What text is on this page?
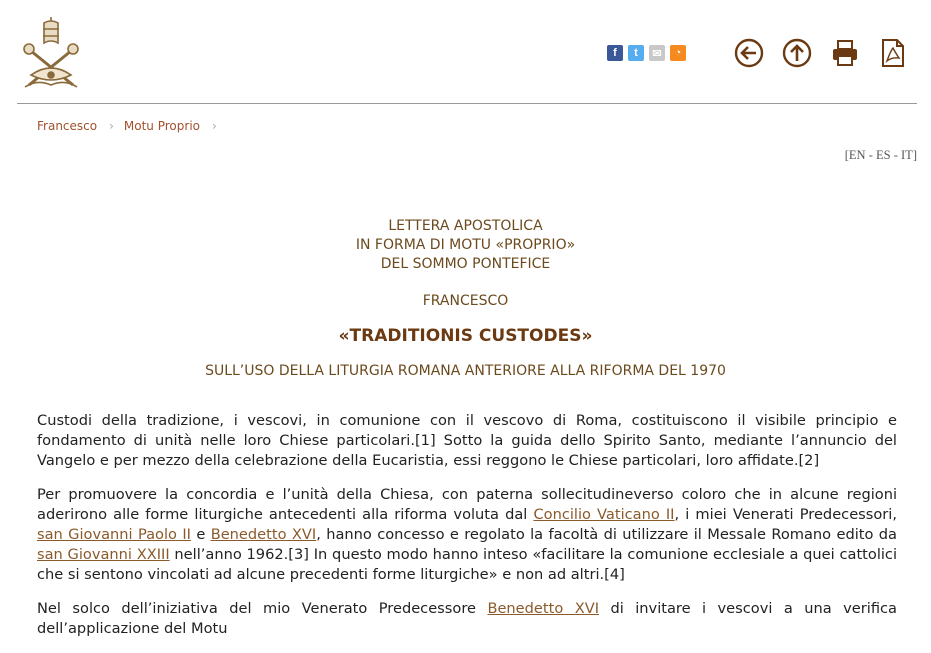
f	t	✉	◔
Francesco › Motu Proprio ›
[EN - ES - IT]
LETTERA APOSTOLICA
IN FORMA DI MOTU «PROPRIO»
DEL SOMMO PONTEFICE
FRANCESCO
«TRADITIONIS CUSTODES»
SULL’USO DELLA LITURGIA ROMANA ANTERIORE ALLA RIFORMA DEL 1970

Custodi della tradizione, i vescovi, in comunione con il vescovo di Roma, costituiscono il visibile principio e fondamento di unità nelle loro Chiese particolari.[1] Sotto la guida dello Spirito Santo, mediante l’annuncio del Vangelo e per mezzo della celebrazione della Eucaristia, essi reggono le Chiese particolari, loro affidate.[2]

Per promuovere la concordia e l’unità della Chiesa, con paterna sollecitudineverso coloro che in alcune regioni aderirono alle forme liturgiche antecedenti alla riforma voluta dal Concilio Vaticano II, i miei Venerati Predecessori, san Giovanni Paolo II e Benedetto XVI, hanno concesso e regolato la facoltà di utilizzare il Messale Romano edito da san Giovanni XXIII nell’anno 1962.[3] In questo modo hanno inteso «facilitare la comunione ecclesiale a quei cattolici che si sentono vincolati ad alcune precedenti forme liturgiche» e non ad altri.[4]

Nel solco dell’iniziativa del mio Venerato Predecessore Benedetto XVI di invitare i vescovi a una verifica dell’applicazione del Motu
